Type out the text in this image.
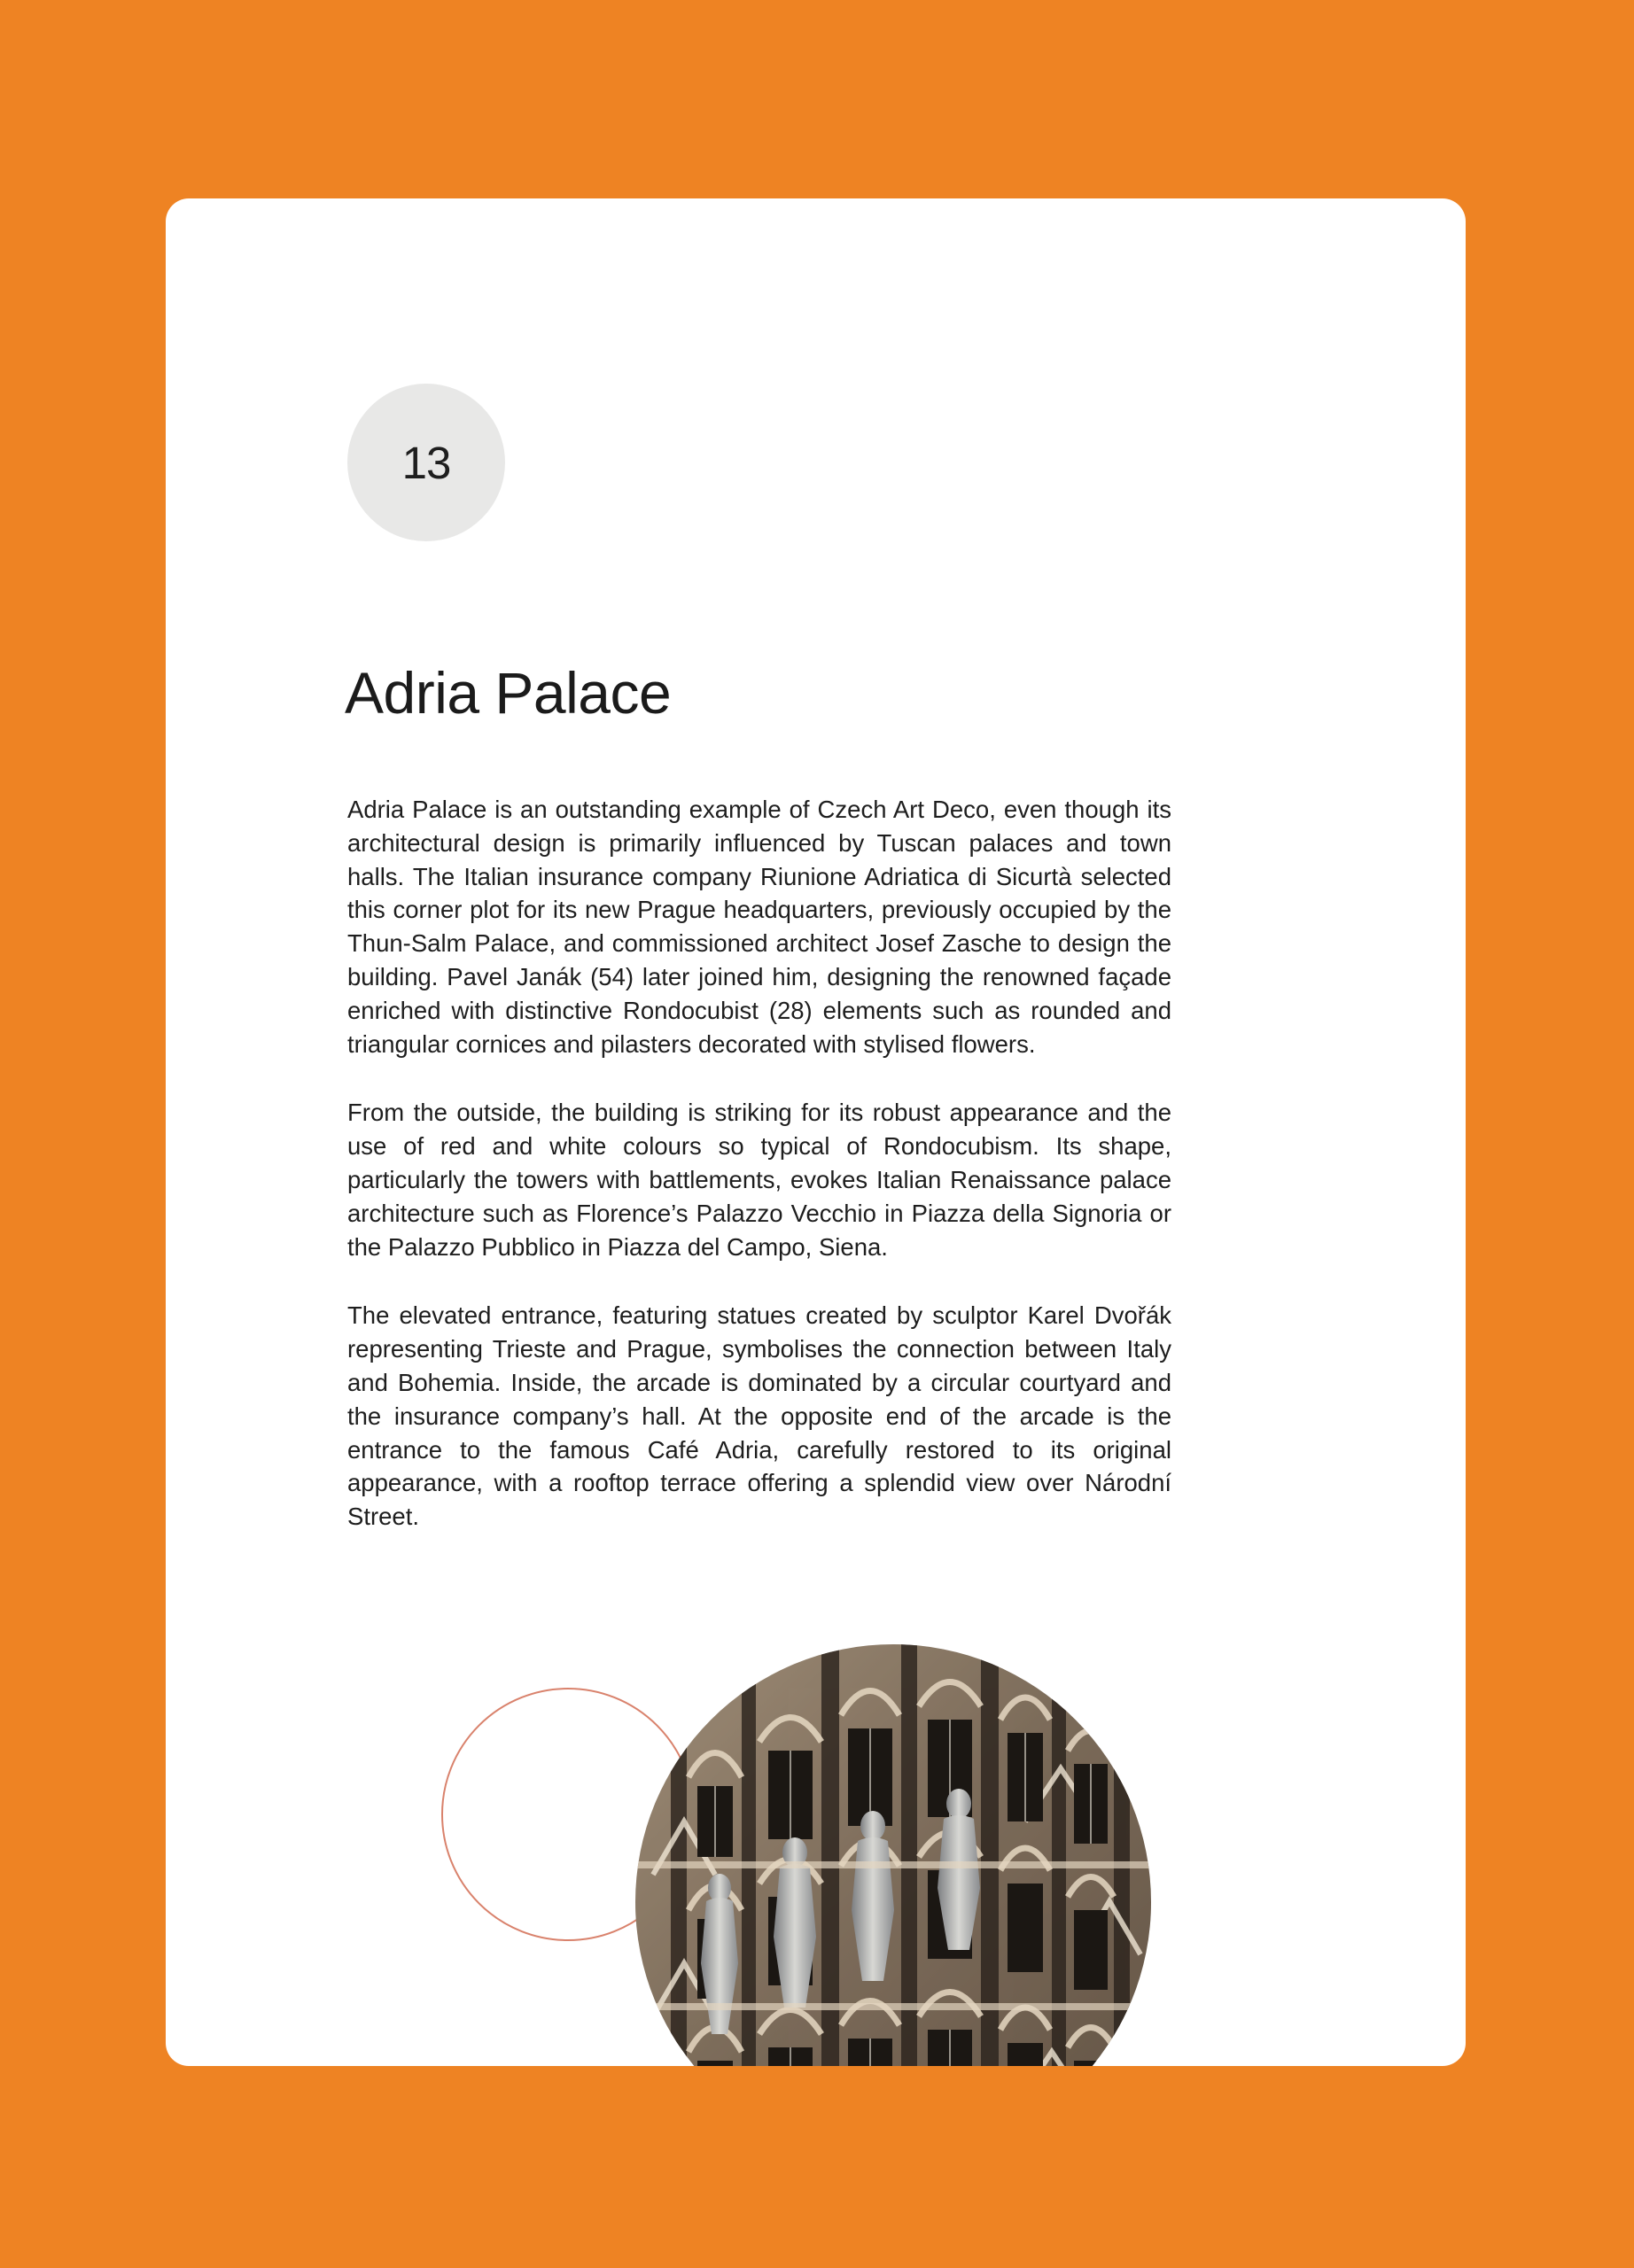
13
Adria Palace

Adria Palace is an outstanding example of Czech Art Deco, even though its architectural design is primarily influenced by Tuscan palaces and town halls. The Italian insurance company Riunione Adriatica di Sicurtà selected this corner plot for its new Prague headquarters, previously occupied by the Thun-Salm Palace, and commissioned architect Josef Zasche to design the building. Pavel Janák (54) later joined him, designing the renowned façade enriched with distinctive Rondocubist (28) elements such as rounded and triangular cornices and pilasters decorated with stylised flowers.

From the outside, the building is striking for its robust appearance and the use of red and white colours so typical of Rondocubism. Its shape, particularly the towers with battlements, evokes Italian Renaissance palace architecture such as Florence’s Palazzo Vecchio in Piazza della Signoria or the Palazzo Pubblico in Piazza del Campo, Siena.

The elevated entrance, featuring statues created by sculptor Karel Dvořák representing Trieste and Prague, symbolises the connection between Italy and Bohemia. Inside, the arcade is dominated by a circular courtyard and the insurance company’s hall. At the opposite end of the arcade is the entrance to the famous Café Adria, carefully restored to its original appearance, with a rooftop terrace offering a splendid view over Národní Street.
